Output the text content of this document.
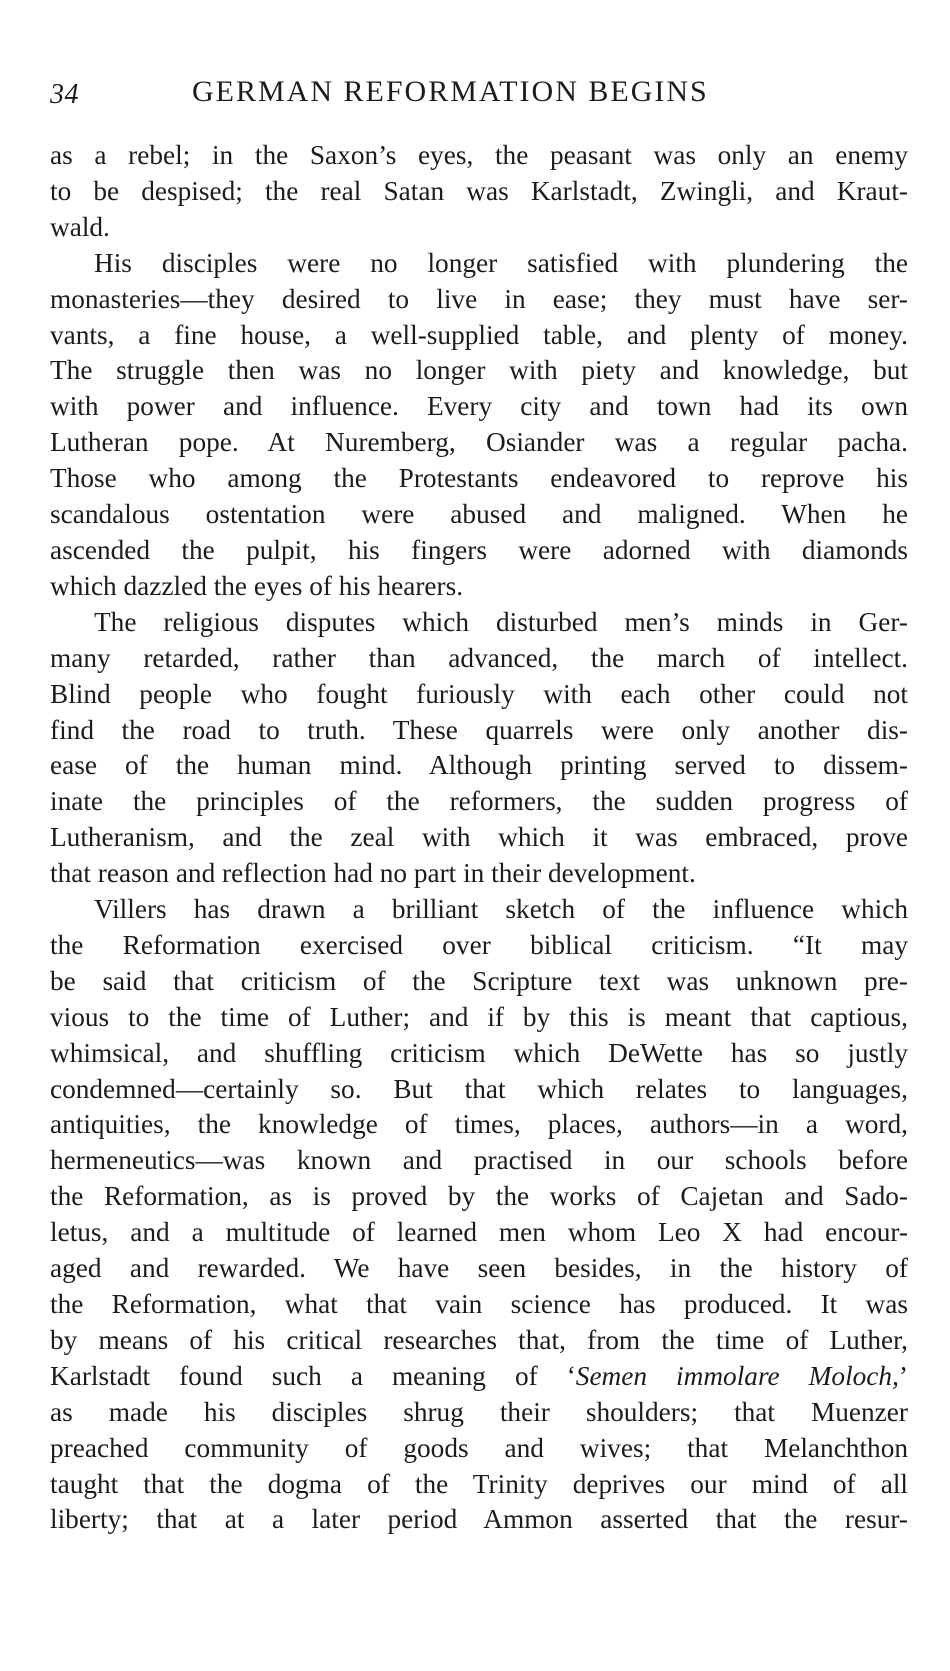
34	GERMAN REFORMATION BEGINS

as a rebel; in the Saxon’s eyes, the peasant was only an enemy
to be despised; the real Satan was Karlstadt, Zwingli, and Kraut-
wald.

His disciples were no longer satisfied with plundering the
monasteries—they desired to live in ease; they must have ser-
vants, a fine house, a well-supplied table, and plenty of money.
The struggle then was no longer with piety and knowledge, but
with power and influence. Every city and town had its own
Lutheran pope. At Nuremberg, Osiander was a regular pacha.
Those who among the Protestants endeavored to reprove his
scandalous ostentation were abused and maligned. When he
ascended the pulpit, his fingers were adorned with diamonds
which dazzled the eyes of his hearers.

The religious disputes which disturbed men’s minds in Ger-
many retarded, rather than advanced, the march of intellect.
Blind people who fought furiously with each other could not
find the road to truth. These quarrels were only another dis-
ease of the human mind. Although printing served to dissem-
inate the principles of the reformers, the sudden progress of
Lutheranism, and the zeal with which it was embraced, prove
that reason and reflection had no part in their development.

Villers has drawn a brilliant sketch of the influence which
the Reformation exercised over biblical criticism. “It may
be said that criticism of the Scripture text was unknown pre-
vious to the time of Luther; and if by this is meant that captious,
whimsical, and shuffling criticism which DeWette has so justly
condemned—certainly so. But that which relates to languages,
antiquities, the knowledge of times, places, authors—in a word,
hermeneutics—was known and practised in our schools before
the Reformation, as is proved by the works of Cajetan and Sado-
letus, and a multitude of learned men whom Leo X had encour-
aged and rewarded. We have seen besides, in the history of
the Reformation, what that vain science has produced. It was
by means of his critical researches that, from the time of Luther,
Karlstadt found such a meaning of ‘Semen immolare Moloch,’
as made his disciples shrug their shoulders; that Muenzer
preached community of goods and wives; that Melanchthon
taught that the dogma of the Trinity deprives our mind of all
liberty; that at a later period Ammon asserted that the resur-
